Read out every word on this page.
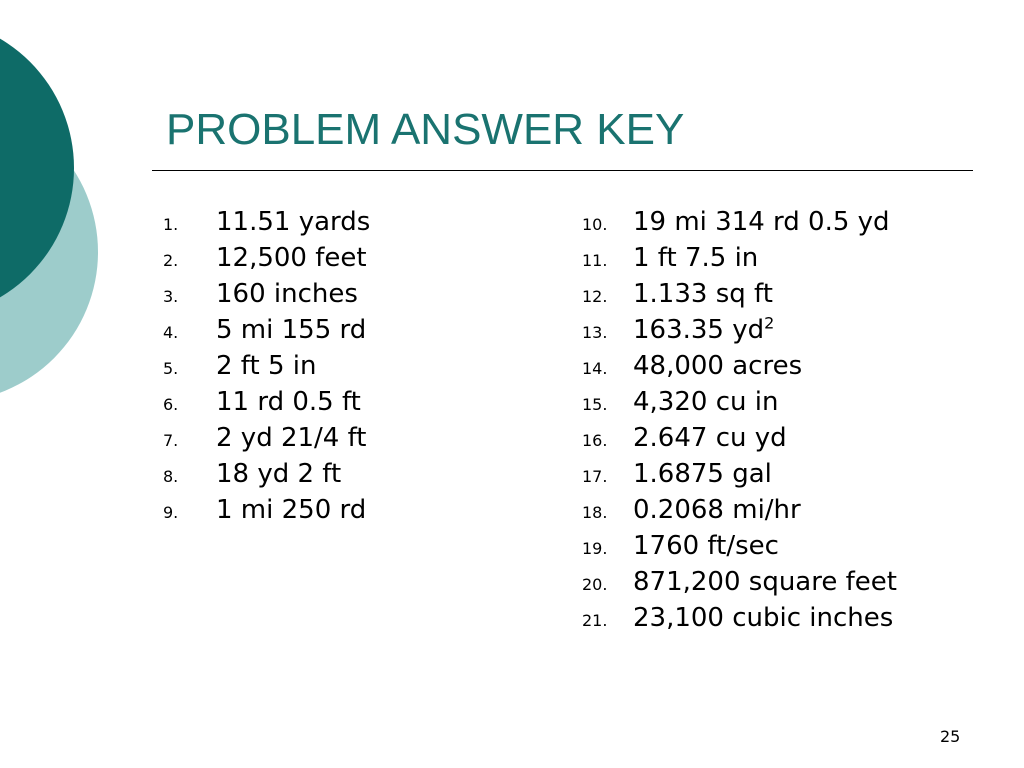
PROBLEM ANSWER KEY
1.	11.51 yards
2.	12,500 feet
3.	160 inches
4.	5 mi 155 rd
5.	2 ft 5 in
6.	11 rd 0.5 ft
7.	2 yd 21/4 ft
8.	18 yd 2 ft
9.	1 mi 250 rd
10. 19 mi 314 rd 0.5 yd
11. 1 ft 7.5 in
12. 1.133 sq ft
13. 163.35 $yd^2$
14. 48,000 acres
15. 4,320 cu in
16. 2.647 cu yd
17. 1.6875 gal
18. 0.2068 mi/hr
19. 1760 ft/sec
20. 871,200 square feet
21. 23,100 cubic inches
25
